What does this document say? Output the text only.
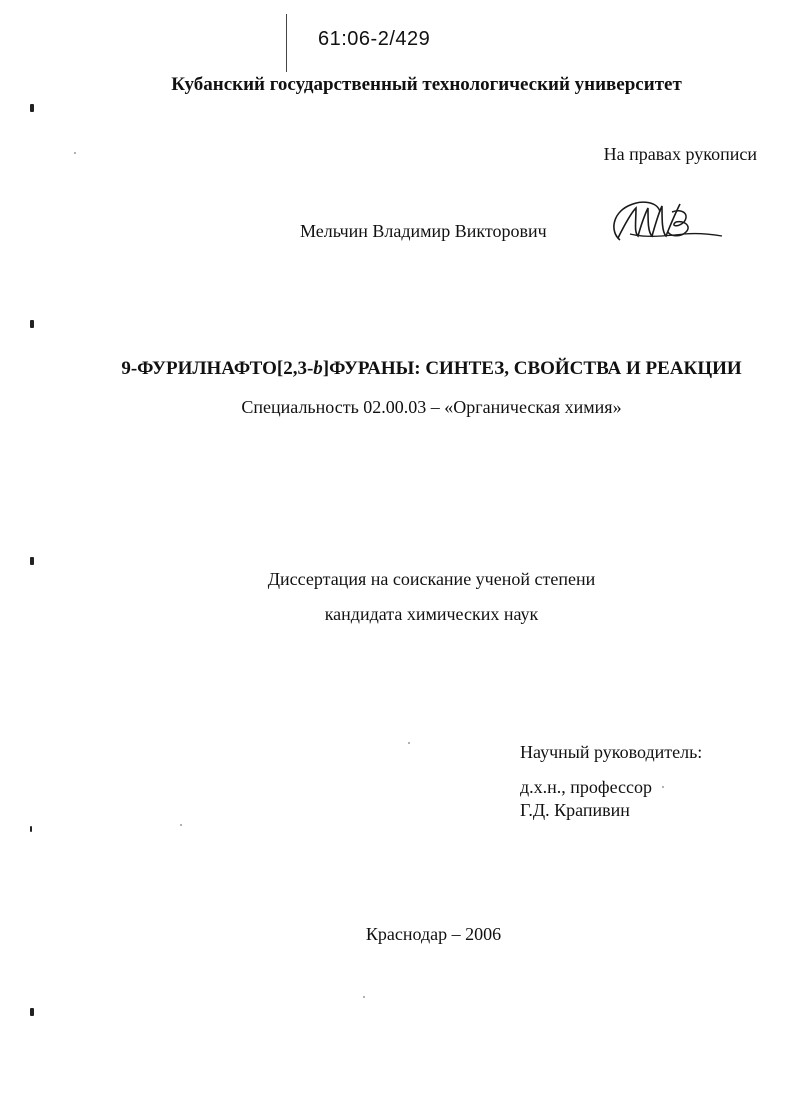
61:06-2/429
Кубанский государственный технологический университет
На правах рукописи
Мельчин Владимир Викторович
9-ФУРИЛНАФТО[2,3-b]ФУРАНЫ: СИНТЕЗ, СВОЙСТВА И РЕАКЦИИ
Специальность 02.00.03 – «Органическая химия»
Диссертация на соискание ученой степени
кандидата химических наук
Научный руководитель:
д.х.н., профессор
Г.Д. Крапивин
Краснодар – 2006
